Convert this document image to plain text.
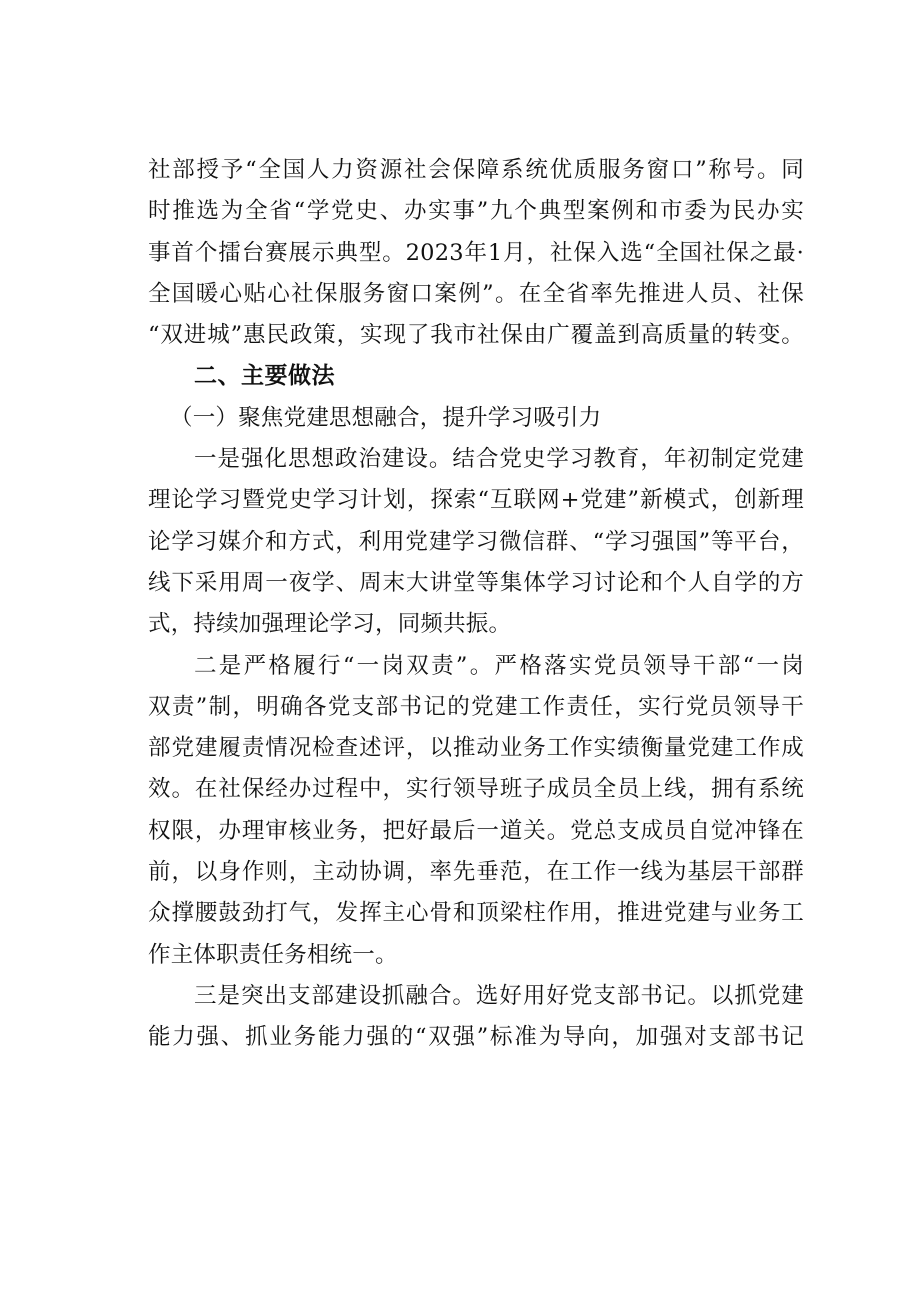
社部授予“全国人力资源社会保障系统优质服务窗口”称号。同
时推选为全省“学党史、办实事”九个典型案例和市委为民办实
事首个擂台赛展示典型。2023年1月，社保入选“全国社保之最·
全国暖心贴心社保服务窗口案例”。在全省率先推进人员、社保
“双进城”惠民政策，实现了我市社保由广覆盖到高质量的转变。
二、主要做法
（一）聚焦党建思想融合，提升学习吸引力
一是强化思想政治建设。结合党史学习教育，年初制定党建
理论学习暨党史学习计划，探索“互联网+党建”新模式，创新理
论学习媒介和方式，利用党建学习微信群、“学习强国”等平台，
线下采用周一夜学、周末大讲堂等集体学习讨论和个人自学的方
式，持续加强理论学习，同频共振。
二是严格履行“一岗双责”。严格落实党员领导干部“一岗
双责”制，明确各党支部书记的党建工作责任，实行党员领导干
部党建履责情况检查述评，以推动业务工作实绩衡量党建工作成
效。在社保经办过程中，实行领导班子成员全员上线，拥有系统
权限，办理审核业务，把好最后一道关。党总支成员自觉冲锋在
前，以身作则，主动协调，率先垂范，在工作一线为基层干部群
众撑腰鼓劲打气，发挥主心骨和顶梁柱作用，推进党建与业务工
作主体职责任务相统一。
三是突出支部建设抓融合。选好用好党支部书记。以抓党建
能力强、抓业务能力强的“双强”标准为导向，加强对支部书记
